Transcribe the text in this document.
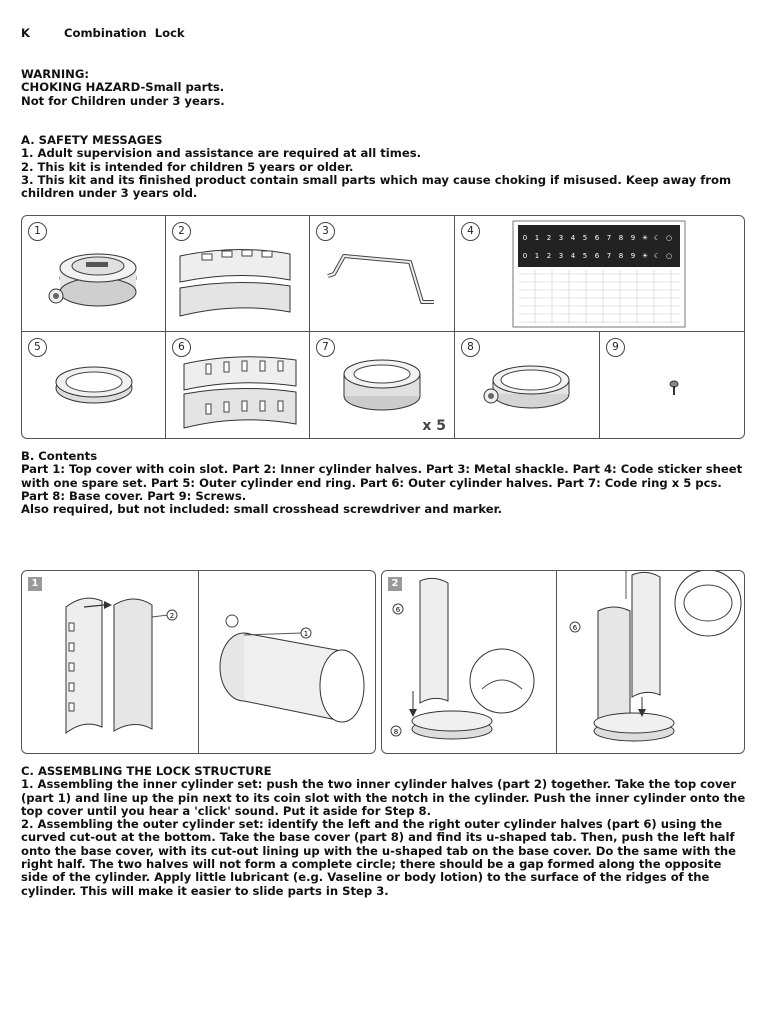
K	Combination  Lock
WARNING:
CHOKING HAZARD-Small parts.
Not for Children under 3 years.
A. SAFETY MESSAGES
1. Adult supervision and assistance are required at all times.
2. This kit is intended for children 5 years or older.
3. This kit and its finished product contain small parts which may cause choking if misused. Keep away from
children under 3 years old.
1	2	3	4
0 1 2 3 4 5 6 7 8 9 ☀ ☾ ○
0 1 2 3 4 5 6 7 8 9 ☀ ☾ ○
5	6	7
x 5
8	9
B. Contents
Part 1: Top cover with coin slot. Part 2: Inner cylinder halves. Part 3: Metal shackle. Part 4: Code sticker sheet
with one spare set. Part 5: Outer cylinder end ring. Part 6: Outer cylinder halves. Part 7: Code ring x 5 pcs.
Part 8: Base cover. Part 9: Screws.
Also required, but not included: small crosshead screwdriver and marker.
1
2
1
2
6
8
6
C. ASSEMBLING THE LOCK STRUCTURE
1. Assembling the inner cylinder set: push the two inner cylinder halves (part 2) together. Take the top cover
(part 1) and line up the pin next to its coin slot with the notch in the cylinder. Push the inner cylinder onto the
top cover until you hear a 'click' sound. Put it aside for Step 8.
2. Assembling the outer cylinder set: identify the left and the right outer cylinder halves (part 6) using the
curved cut-out at the bottom. Take the base cover (part 8) and find its u-shaped tab. Then, push the left half
onto the base cover, with its cut-out lining up with the u-shaped tab on the base cover. Do the same with the
right half. The two halves will not form a complete circle; there should be a gap formed along the opposite
side of the cylinder. Apply little lubricant (e.g. Vaseline or body lotion) to the surface of the ridges of the
cylinder. This will make it easier to slide parts in Step 3.
